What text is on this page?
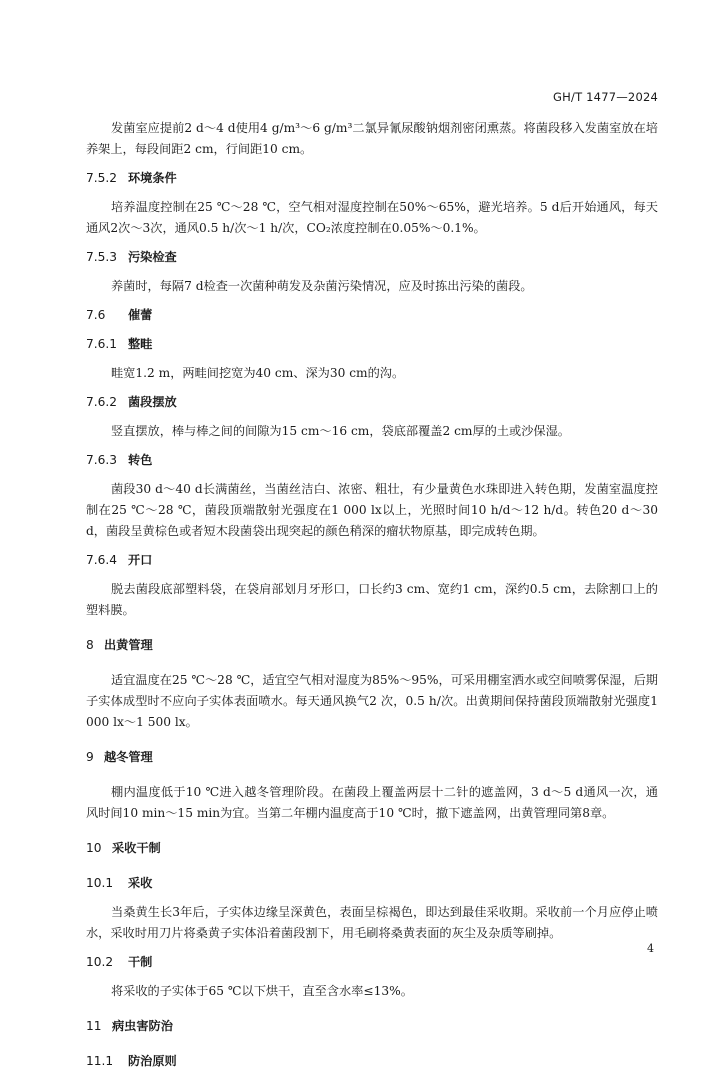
GH/T 1477—2024

发菌室应提前2 d～4 d使用4 g/m³～6 g/m³二氯异氰尿酸钠烟剂密闭熏蒸。将菌段移入发菌室放在培养架上，每段间距2 cm，行间距10 cm。

7.5.2 环境条件

培养温度控制在25 ℃～28 ℃，空气相对湿度控制在50%～65%，避光培养。5 d后开始通风，每天通风2次～3次，通风0.5 h/次～1 h/次，CO₂浓度控制在0.05%～0.1%。

7.5.3 污染检查

养菌时，每隔7 d检查一次菌种萌发及杂菌污染情况，应及时拣出污染的菌段。

7.6 催蕾
7.6.1 整畦

畦宽1.2 m，两畦间挖宽为40 cm、深为30 cm的沟。

7.6.2 菌段摆放

竖直摆放，棒与棒之间的间隙为15 cm～16 cm，袋底部覆盖2 cm厚的土或沙保湿。

7.6.3 转色

菌段30 d～40 d长满菌丝，当菌丝洁白、浓密、粗壮，有少量黄色水珠即进入转色期，发菌室温度控制在25 ℃～28 ℃，菌段顶端散射光强度在1 000 lx以上，光照时间10 h/d～12 h/d。转色20 d～30 d，菌段呈黄棕色或者短木段菌袋出现突起的颜色稍深的瘤状物原基，即完成转色期。

7.6.4 开口

脱去菌段底部塑料袋，在袋肩部划月牙形口，口长约3 cm、宽约1 cm，深约0.5 cm，去除割口上的塑料膜。

8 出黄管理

适宜温度在25 ℃～28 ℃，适宜空气相对湿度为85%～95%，可采用棚室洒水或空间喷雾保湿，后期子实体成型时不应向子实体表面喷水。每天通风换气2 次，0.5 h/次。出黄期间保持菌段顶端散射光强度1 000 lx～1 500 lx。

9 越冬管理

棚内温度低于10 ℃进入越冬管理阶段。在菌段上覆盖两层十二针的遮盖网，3 d～5 d通风一次，通风时间10 min～15 min为宜。当第二年棚内温度高于10 ℃时，撤下遮盖网，出黄管理同第8章。

10 采收干制
10.1 采收

当桑黄生长3年后，子实体边缘呈深黄色，表面呈棕褐色，即达到最佳采收期。采收前一个月应停止喷水，采收时用刀片将桑黄子实体沿着菌段割下，用毛刷将桑黄表面的灰尘及杂质等刷掉。

10.2 干制

将采收的子实体于65 ℃以下烘干，直至含水率≤13%。

11 病虫害防治
11.1 防治原则
4
